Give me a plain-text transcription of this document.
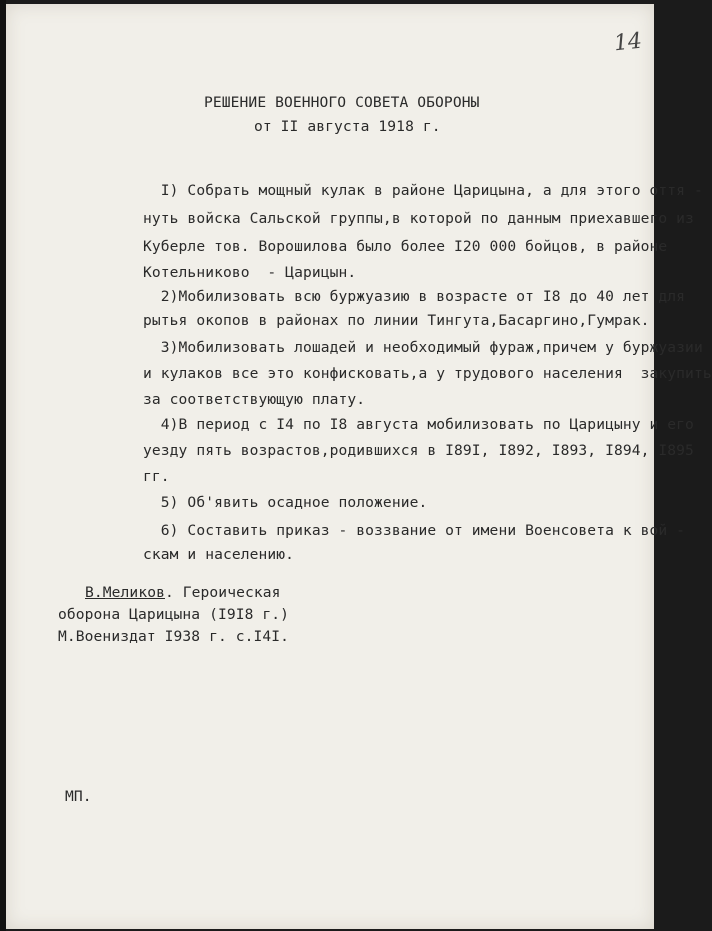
14
РЕШЕНИЕ ВОЕННОГО СОВЕТА ОБОРОНЫ
от II августа 1918 г.
I) Собрать мощный кулак в районе Царицына, а для этого оття -
нуть войска Сальской группы,в которой по данным приехавшего из
Куберле тов. Ворошилова было более I20 000 бойцов, в районе
Котельниково  - Царицын.
2)Мобилизовать всю буржуазию в возрасте от I8 до 40 лет для
рытья окопов в районах по линии Тингута,Басаргино,Гумрак.
3)Мобилизовать лошадей и необходимый фураж,причем у буржуазии
и кулаков все это конфисковать,а у трудового населения  закупить
за соответствующую плату.
4)В период с I4 по I8 августа мобилизовать по Царицыну и его
уезду пять возрастов,родившихся в I89I, I892, I893, I894, I895
гг.
5) Об'явить осадное положение.
6) Составить приказ - воззвание от имени Военсовета к вой -
скам и населению.
В.Меликов. Героическая
оборона Царицына (I9I8 г.)
М.Воениздат I938 г. с.I4I.
МП.
